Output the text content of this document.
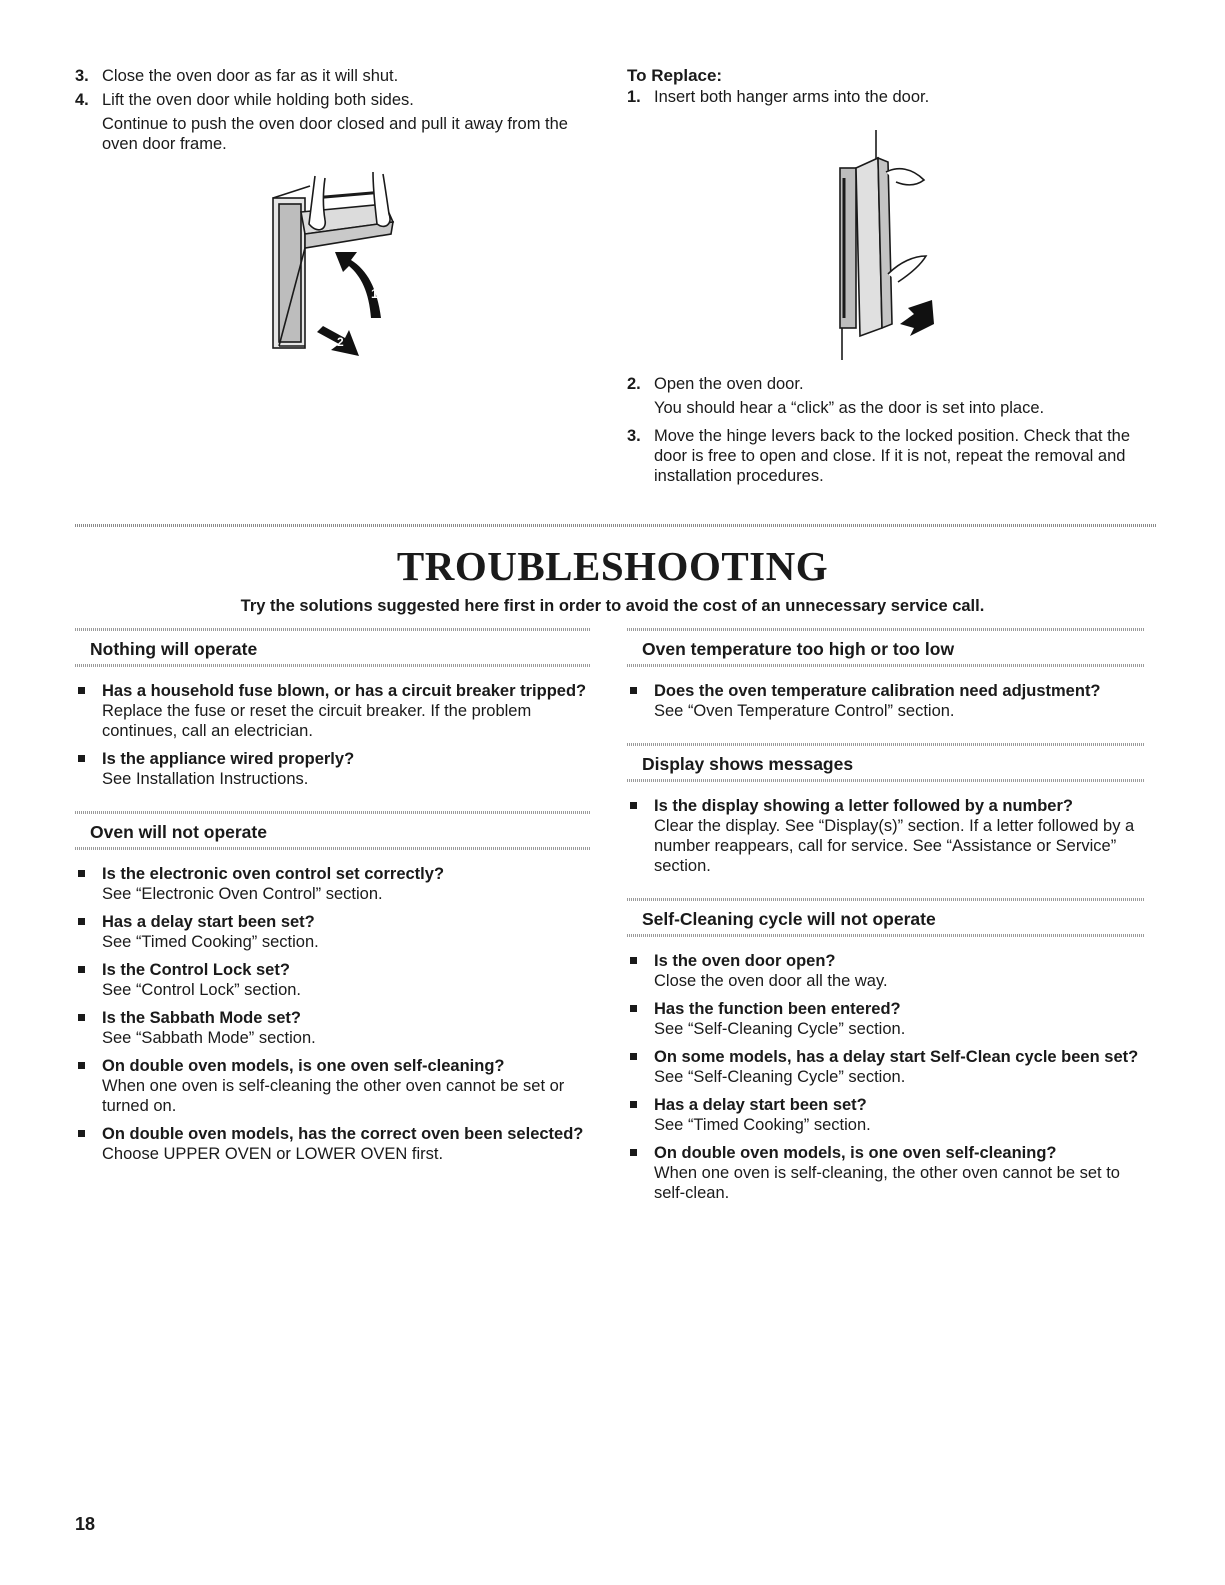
3. Close the oven door as far as it will shut.

4. Lift the oven door while holding both sides.

Continue to push the oven door closed and pull it away from the oven door frame.

1
2

To Replace:

1. Insert both hanger arms into the door.

2. Open the oven door.

You should hear a “click” as the door is set into place.

3. Move the hinge levers back to the locked position. Check that the door is free to open and close. If it is not, repeat the removal and installation procedures.

TROUBLESHOOTING
Try the solutions suggested here first in order to avoid the cost of an unnecessary service call.

Nothing will operate

Has a household fuse blown, or has a circuit breaker tripped?

Replace the fuse or reset the circuit breaker. If the problem continues, call an electrician.

Is the appliance wired properly?

See Installation Instructions.

Oven will not operate

Is the electronic oven control set correctly?

See “Electronic Oven Control” section.

Has a delay start been set?

See “Timed Cooking” section.

Is the Control Lock set?

See “Control Lock” section.

Is the Sabbath Mode set?

See “Sabbath Mode” section.

On double oven models, is one oven self-cleaning?

When one oven is self-cleaning the other oven cannot be set or turned on.

On double oven models, has the correct oven been selected?

Choose UPPER OVEN or LOWER OVEN first.

Oven temperature too high or too low

Does the oven temperature calibration need adjustment?

See “Oven Temperature Control” section.

Display shows messages

Is the display showing a letter followed by a number?

Clear the display. See “Display(s)” section. If a letter followed by a number reappears, call for service. See “Assistance or Service” section.

Self-Cleaning cycle will not operate

Is the oven door open?

Close the oven door all the way.

Has the function been entered?

See “Self-Cleaning Cycle” section.

On some models, has a delay start Self-Clean cycle been set?

See “Self-Cleaning Cycle” section.

Has a delay start been set?

See “Timed Cooking” section.

On double oven models, is one oven self-cleaning?

When one oven is self-cleaning, the other oven cannot be set to self-clean.

18
